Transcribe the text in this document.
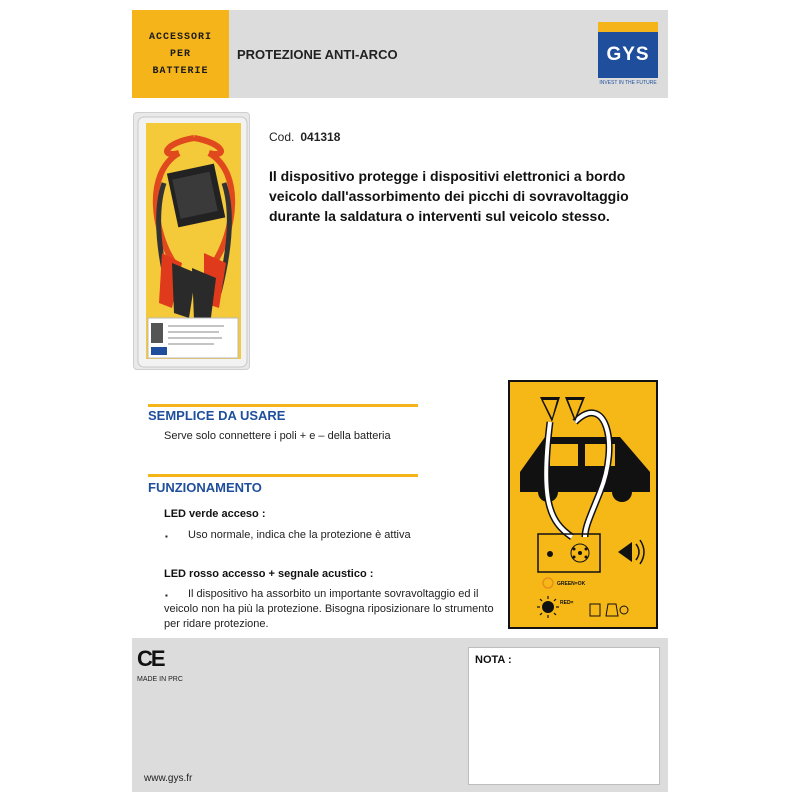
ACCESSORI
PER
BATTERIE
PROTEZIONE ANTI-ARCO	GYS
INVEST IN THE FUTURE
Cod. 041318
Il dispositivo protegge i dispositivi elettronici a bordo veicolo dall'assorbimento dei picchi di sovravoltaggio durante la saldatura o interventi sul veicolo stesso.
SEMPLICE DA USARE
Serve solo connettere i poli + e – della batteria
FUNZIONAMENTO
LED verde acceso :
▪ Uso normale, indica che la protezione è attiva
LED rosso accesso + segnale acustico :
▪ Il dispositivo ha assorbito un importante sovravoltaggio ed il
veicolo non ha più la protezione. Bisogna riposizionare lo strumento
per ridare protezione.
GREEN=OK
RED=
CE
MADE IN PRC
www.gys.fr
NOTA :
